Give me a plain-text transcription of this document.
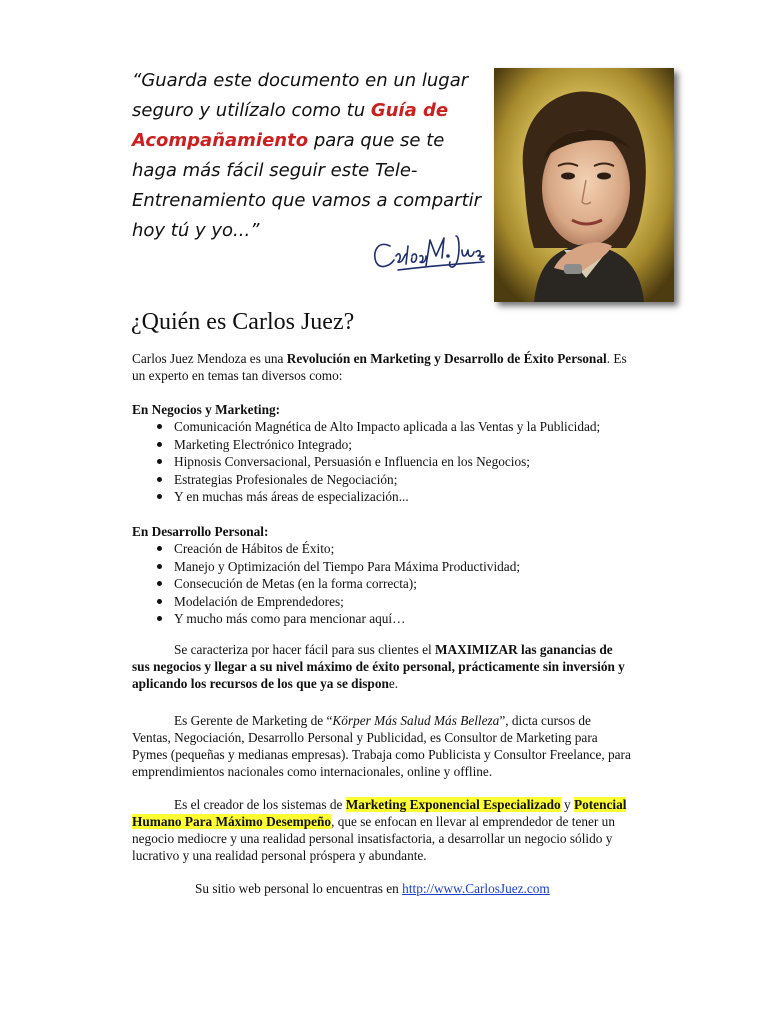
“Guarda este documento en un lugar seguro y utilízalo como tu Guía de Acompañamiento para que se te haga más fácil seguir este Tele-Entrenamiento que vamos a compartir hoy tú y yo...”
¿Quién es Carlos Juez?
Carlos Juez Mendoza es una Revolución en Marketing y Desarrollo de Éxito Personal. Es un experto en temas tan diversos como:
En Negocios y Marketing:
Comunicación Magnética de Alto Impacto aplicada a las Ventas y la Publicidad;
Marketing Electrónico Integrado;
Hipnosis Conversacional, Persuasión e Influencia en los Negocios;
Estrategias Profesionales de Negociación;
Y en muchas más áreas de especialización...
En Desarrollo Personal:
Creación de Hábitos de Éxito;
Manejo y Optimización del Tiempo Para Máxima Productividad;
Consecución de Metas (en la forma correcta);
Modelación de Emprendedores;
Y mucho más como para mencionar aquí…
Se caracteriza por hacer fácil para sus clientes el MAXIMIZAR las ganancias de sus negocios y llegar a su nivel máximo de éxito personal, prácticamente sin inversión y aplicando los recursos de los que ya se dispone.
Es Gerente de Marketing de “Körper Más Salud Más Belleza”, dicta cursos de Ventas, Negociación, Desarrollo Personal y Publicidad, es Consultor de Marketing para Pymes (pequeñas y medianas empresas). Trabaja como Publicista y Consultor Freelance, para emprendimientos nacionales como internacionales, online y offline.
Es el creador de los sistemas de Marketing Exponencial Especializado y Potencial Humano Para Máximo Desempeño, que se enfocan en llevar al emprendedor de tener un negocio mediocre y una realidad personal insatisfactoria, a desarrollar un negocio sólido y lucrativo y una realidad personal próspera y abundante.
Su sitio web personal lo encuentras en http://www.CarlosJuez.com
